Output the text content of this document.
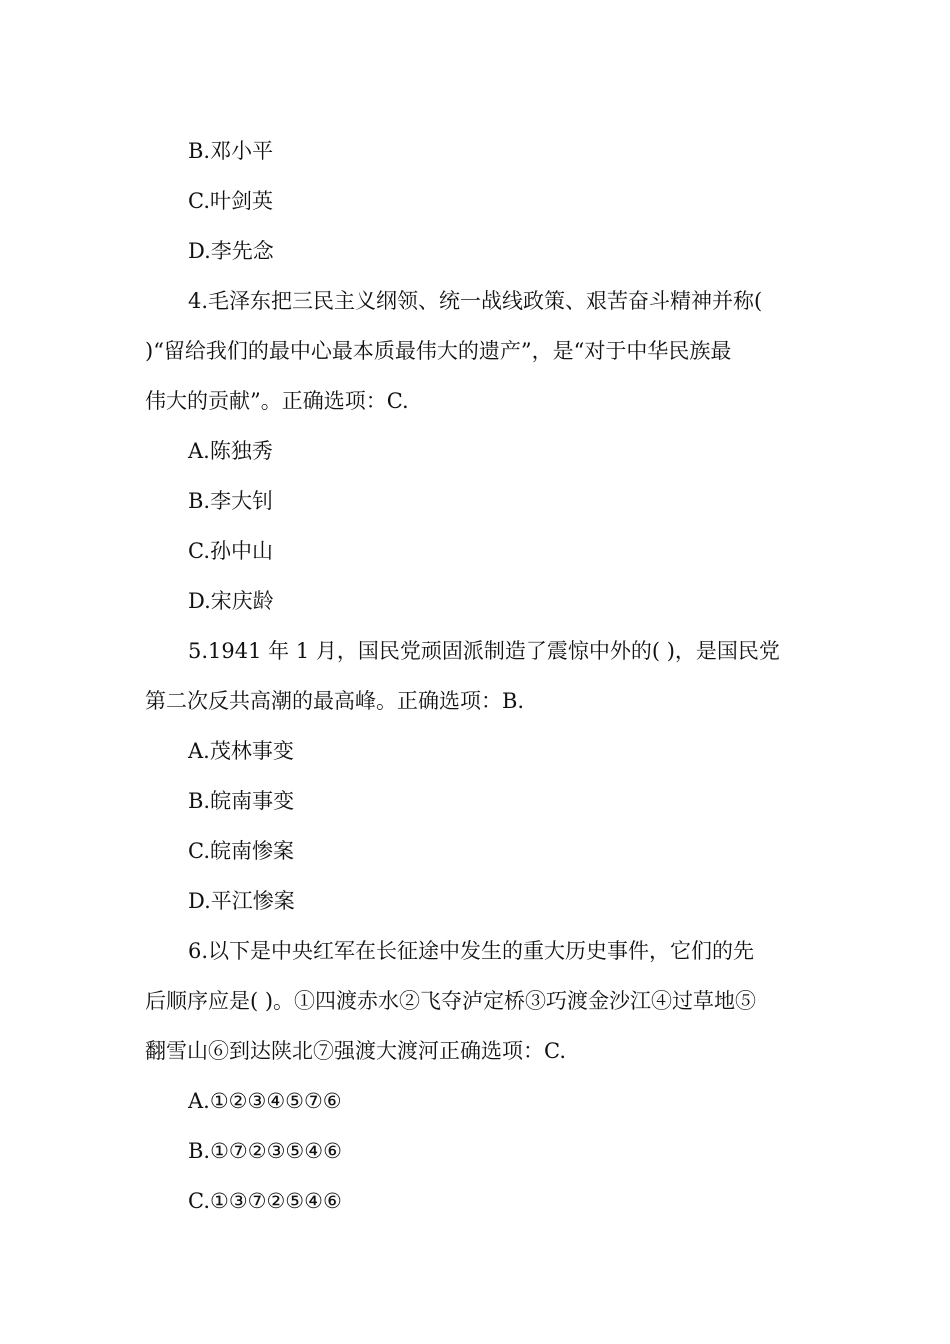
B.邓小平
C.叶剑英
D.李先念
4.毛泽东把三民主义纲领、统一战线政策、艰苦奋斗精神并称(
)“留给我们的最中心最本质最伟大的遗产”，是“对于中华民族最
伟大的贡献”。正确选项：C.
A.陈独秀
B.李大钊
C.孙中山
D.宋庆龄
5.1941 年 1 月，国民党顽固派制造了震惊中外的( )，是国民党
第二次反共高潮的最高峰。正确选项：B.
A.茂林事变
B.皖南事变
C.皖南惨案
D.平江惨案
6.以下是中央红军在长征途中发生的重大历史事件，它们的先
后顺序应是( )。①四渡赤水②飞夺泸定桥③巧渡金沙江④过草地⑤
翻雪山⑥到达陕北⑦强渡大渡河正确选项：C.
A.①②③④⑤⑦⑥
B.①⑦②③⑤④⑥
C.①③⑦②⑤④⑥
